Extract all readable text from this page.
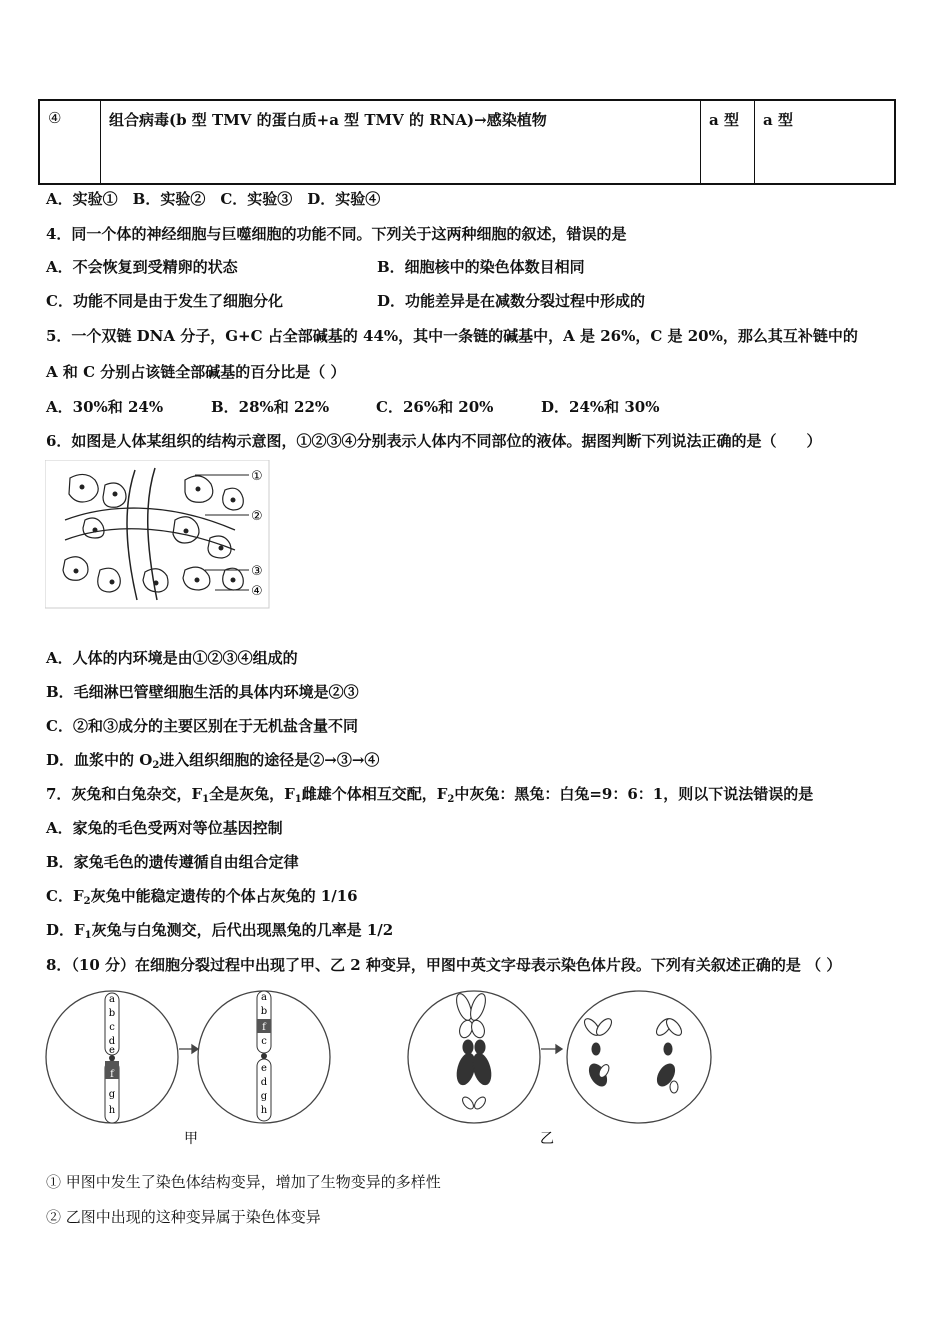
④	组合病毒(b 型 TMV 的蛋白质+a 型 TMV 的 RNA)→感染植物	a 型	a 型
A．实验①　B．实验②　C．实验③　D．实验④
4．同一个体的神经细胞与巨噬细胞的功能不同。下列关于这两种细胞的叙述，错误的是
A．不会恢复到受精卵的状态	B．细胞核中的染色体数目相同
C．功能不同是由于发生了细胞分化	D．功能差异是在减数分裂过程中形成的
5．一个双链 DNA 分子，G+C 占全部碱基的 44%，其中一条链的碱基中，A 是 26%，C 是 20%，那么其互补链中的
A 和 C 分别占该链全部碱基的百分比是（ ）
A．30%和 24%	B．28%和 22%	C．26%和 20%	D．24%和 30%
6．如图是人体某组织的结构示意图，①②③④分别表示人体内不同部位的液体。据图判断下列说法正确的是（　　）
①
②
③
④
A．人体的内环境是由①②③④组成的
B．毛细淋巴管壁细胞生活的具体内环境是②③
C．②和③成分的主要区别在于无机盐含量不同
D．血浆中的 $O_2$进入组织细胞的途径是②→③→④
7．灰兔和白兔杂交，$F_1$全是灰兔，$F_1$雌雄个体相互交配，$F_2$中灰兔：黑兔：白兔=9：6：1，则以下说法错误的是
A．家兔的毛色受两对等位基因控制
B．家兔毛色的遗传遵循自由组合定律
C．$F_2$灰兔中能稳定遗传的个体占灰兔的 1/16
D．$F_1$灰兔与白兔测交，后代出现黑兔的几率是 1/2
8．（10 分）在细胞分裂过程中出现了甲、乙 2 种变异，甲图中英文字母表示染色体片段。下列有关叙述正确的是 （ ）
a
b
c
d
e
f
g
h
a
b
f
c
e
d
g
h
甲	乙
① 甲图中发生了染色体结构变异，增加了生物变异的多样性
② 乙图中出现的这种变异属于染色体变异
